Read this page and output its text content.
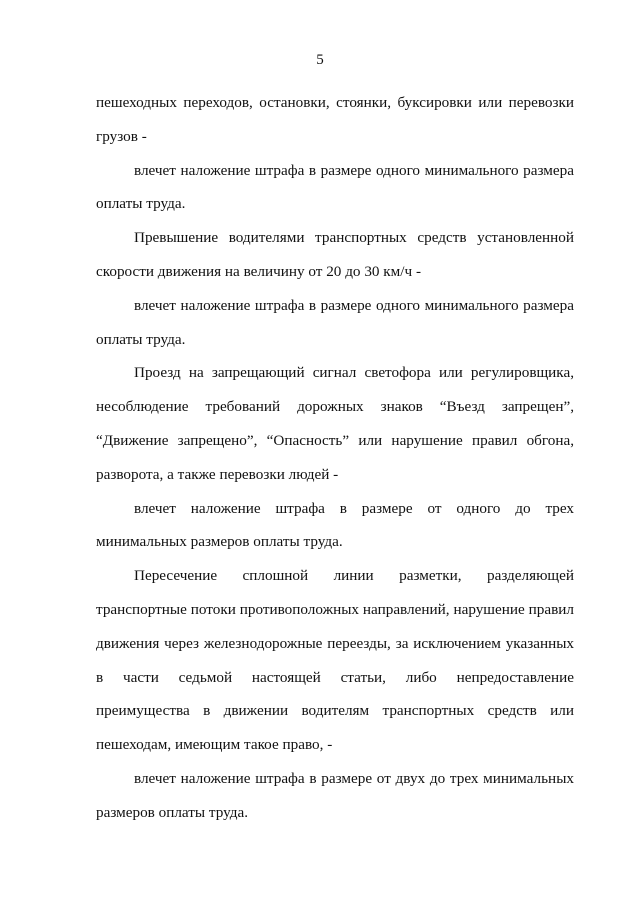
5

пешеходных переходов, остановки, стоянки, буксировки или перевозки грузов -

влечет наложение штрафа в размере одного минимального размера оплаты труда.

Превышение водителями транспортных средств установленной скорости движения на величину от 20 до 30 км/ч -

влечет наложение штрафа в размере одного минимального размера оплаты труда.

Проезд на запрещающий сигнал светофора или регулировщика, несоблюдение требований дорожных знаков “Въезд запрещен”, “Движение запрещено”, “Опасность” или нарушение правил обгона, разворота, а также перевозки людей -

влечет наложение штрафа в размере от одного до трех минимальных размеров оплаты труда.

Пересечение сплошной линии разметки, разделяющей транспортные потоки противоположных направлений, нарушение правил движения через железнодорожные переезды, за исключением указанных в части седьмой настоящей статьи, либо непредоставление преимущества в движении водителям транспортных средств или пешеходам, имеющим такое право, -

влечет наложение штрафа в размере от двух до трех минимальных размеров оплаты труда.
